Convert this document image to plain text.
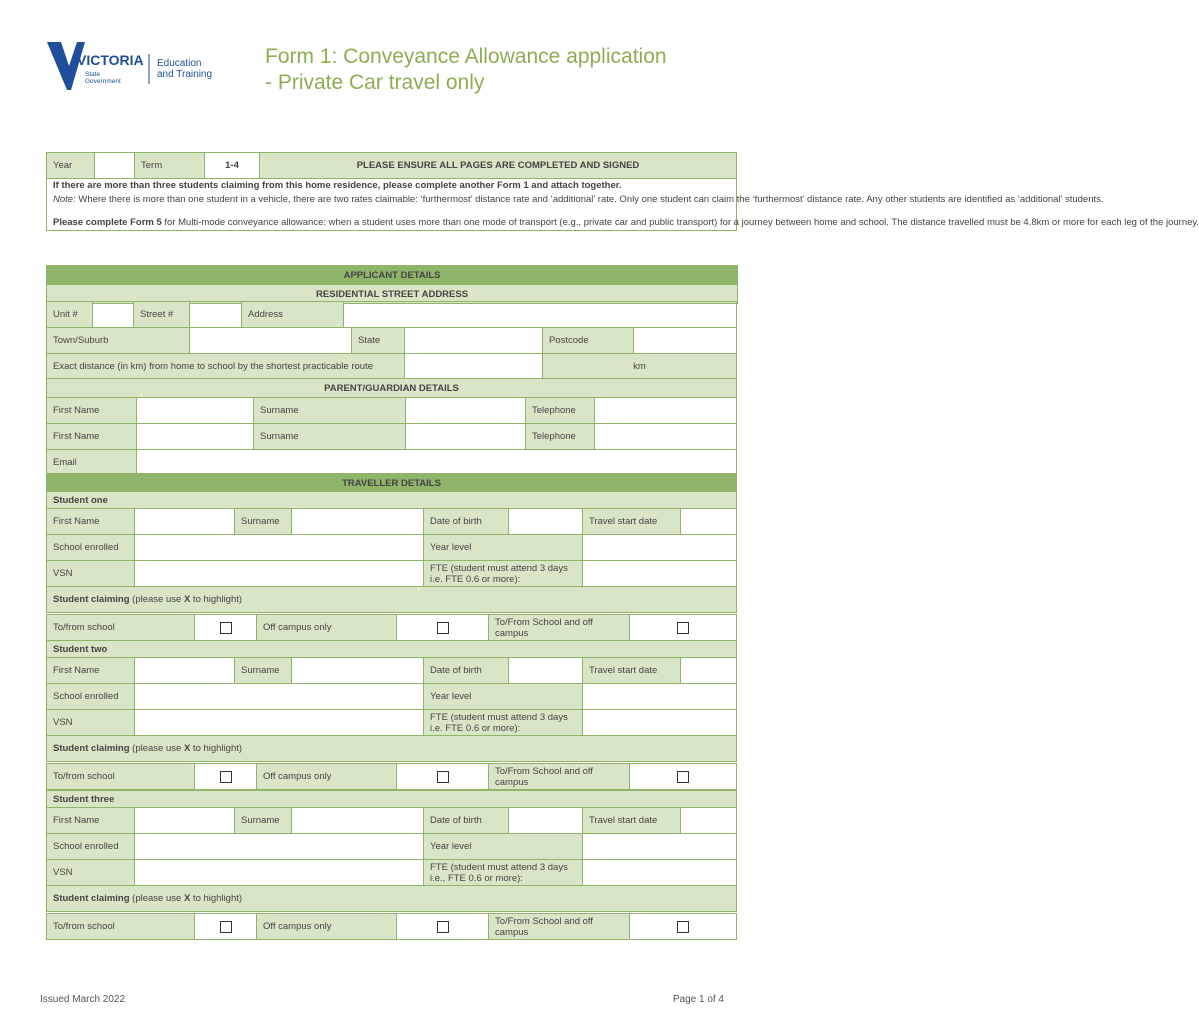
VICTORIA
State
Government
Education
and Training
Form 1: Conveyance Allowance application
- Private Car travel only
Year		Term	1-4	PLEASE ENSURE ALL PAGES ARE COMPLETED AND SIGNED

If there are more than three students claiming from this home residence, please complete another Form 1 and attach together.
Note: Where there is more than one student in a vehicle, there are two rates claimable: ‘furthermost’ distance rate and ‘additional’ rate. Only one student can claim the ‘furthermost’ distance rate. Any other students are identified as ‘additional’ students.
Please complete Form 5 for Multi-mode conveyance allowance: when a student uses more than one mode of transport (e.g., private car and public transport) for a journey between home and school. The distance travelled must be 4.8km or more for each leg of the journey.
APPLICANT DETAILS
RESIDENTIAL STREET ADDRESS
Unit #		Street #		Address	
Town/Suburb		State		Postcode	
Exact distance (in km) from home to school by the shortest practicable route				km	
PARENT/GUARDIAN DETAILS					
First Name		Surname		Telephone	
First Name		Surname		Telephone	
Email					
TRAVELLER DETAILS
Student one							
First Name		Surname		Date of birth		Travel start date	
School enrolled				Year level			
VSN				FTE (student must attend 3 days i.e. FTE 0.6 or more):			
Student claiming (please use X to highlight)							
To/from school		Off campus only		To/From School and off campus	
Student two							
First Name		Surname		Date of birth		Travel start date	
School enrolled				Year level			
VSN				FTE (student must attend 3 days i.e. FTE 0.6 or more):			
Student claiming (please use X to highlight)							
To/from school		Off campus only		To/From School and off campus	
Student three							
First Name		Surname		Date of birth		Travel start date	
School enrolled				Year level			
VSN				FTE (student must attend 3 days i.e., FTE 0.6 or more):			
Student claiming (please use X to highlight)							
To/from school		Off campus only		To/From School and off campus	
Issued March 2022	Page 1 of 4
